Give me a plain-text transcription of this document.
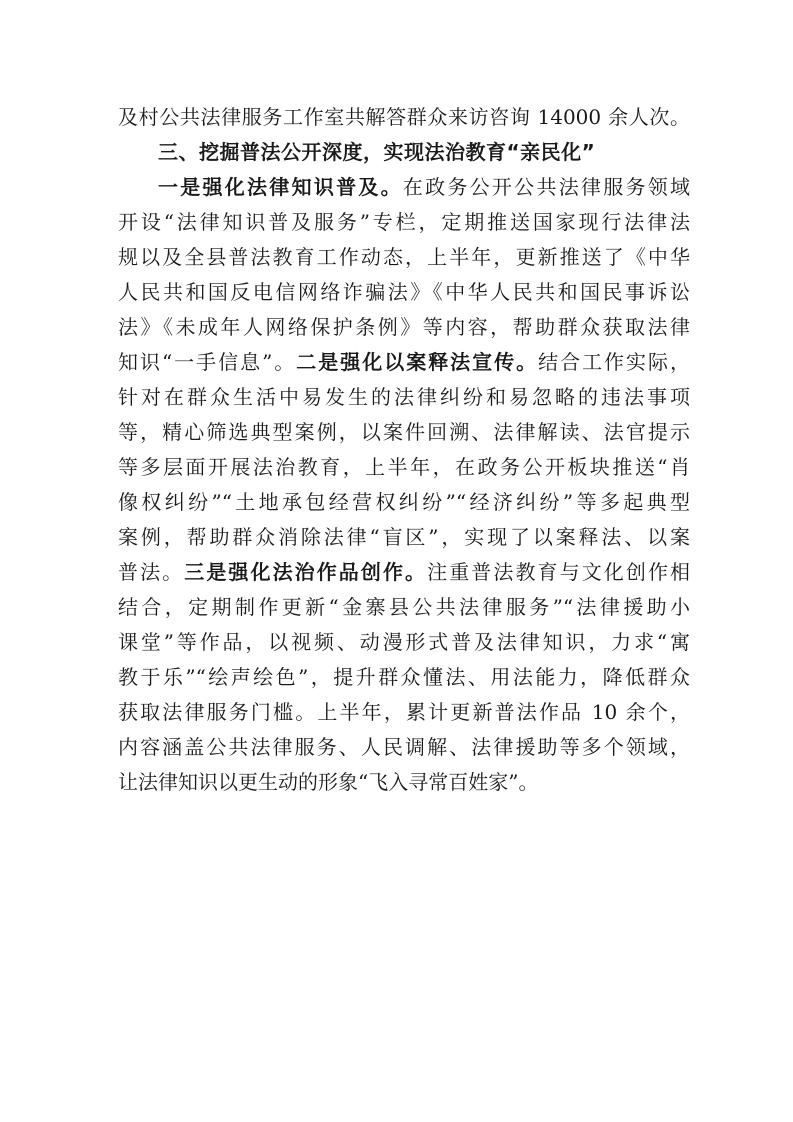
及村公共法律服务工作室共解答群众来访咨询 14000 余人次。
三、挖掘普法公开深度，实现法治教育“亲民化”
一是强化法律知识普及。在政务公开公共法律服务领域
开设“法律知识普及服务”专栏，定期推送国家现行法律法
规以及全县普法教育工作动态，上半年，更新推送了《中华
人民共和国反电信网络诈骗法》《中华人民共和国民事诉讼
法》《未成年人网络保护条例》等内容，帮助群众获取法律
知识“一手信息”。二是强化以案释法宣传。结合工作实际，
针对在群众生活中易发生的法律纠纷和易忽略的违法事项
等，精心筛选典型案例，以案件回溯、法律解读、法官提示
等多层面开展法治教育，上半年，在政务公开板块推送“肖
像权纠纷”“土地承包经营权纠纷”“经济纠纷”等多起典型
案例，帮助群众消除法律“盲区”，实现了以案释法、以案
普法。三是强化法治作品创作。注重普法教育与文化创作相
结合，定期制作更新“金寨县公共法律服务”“法律援助小
课堂”等作品，以视频、动漫形式普及法律知识，力求“寓
教于乐”“绘声绘色”，提升群众懂法、用法能力，降低群众
获取法律服务门槛。上半年，累计更新普法作品 10 余个，
内容涵盖公共法律服务、人民调解、法律援助等多个领域，
让法律知识以更生动的形象“飞入寻常百姓家”。
